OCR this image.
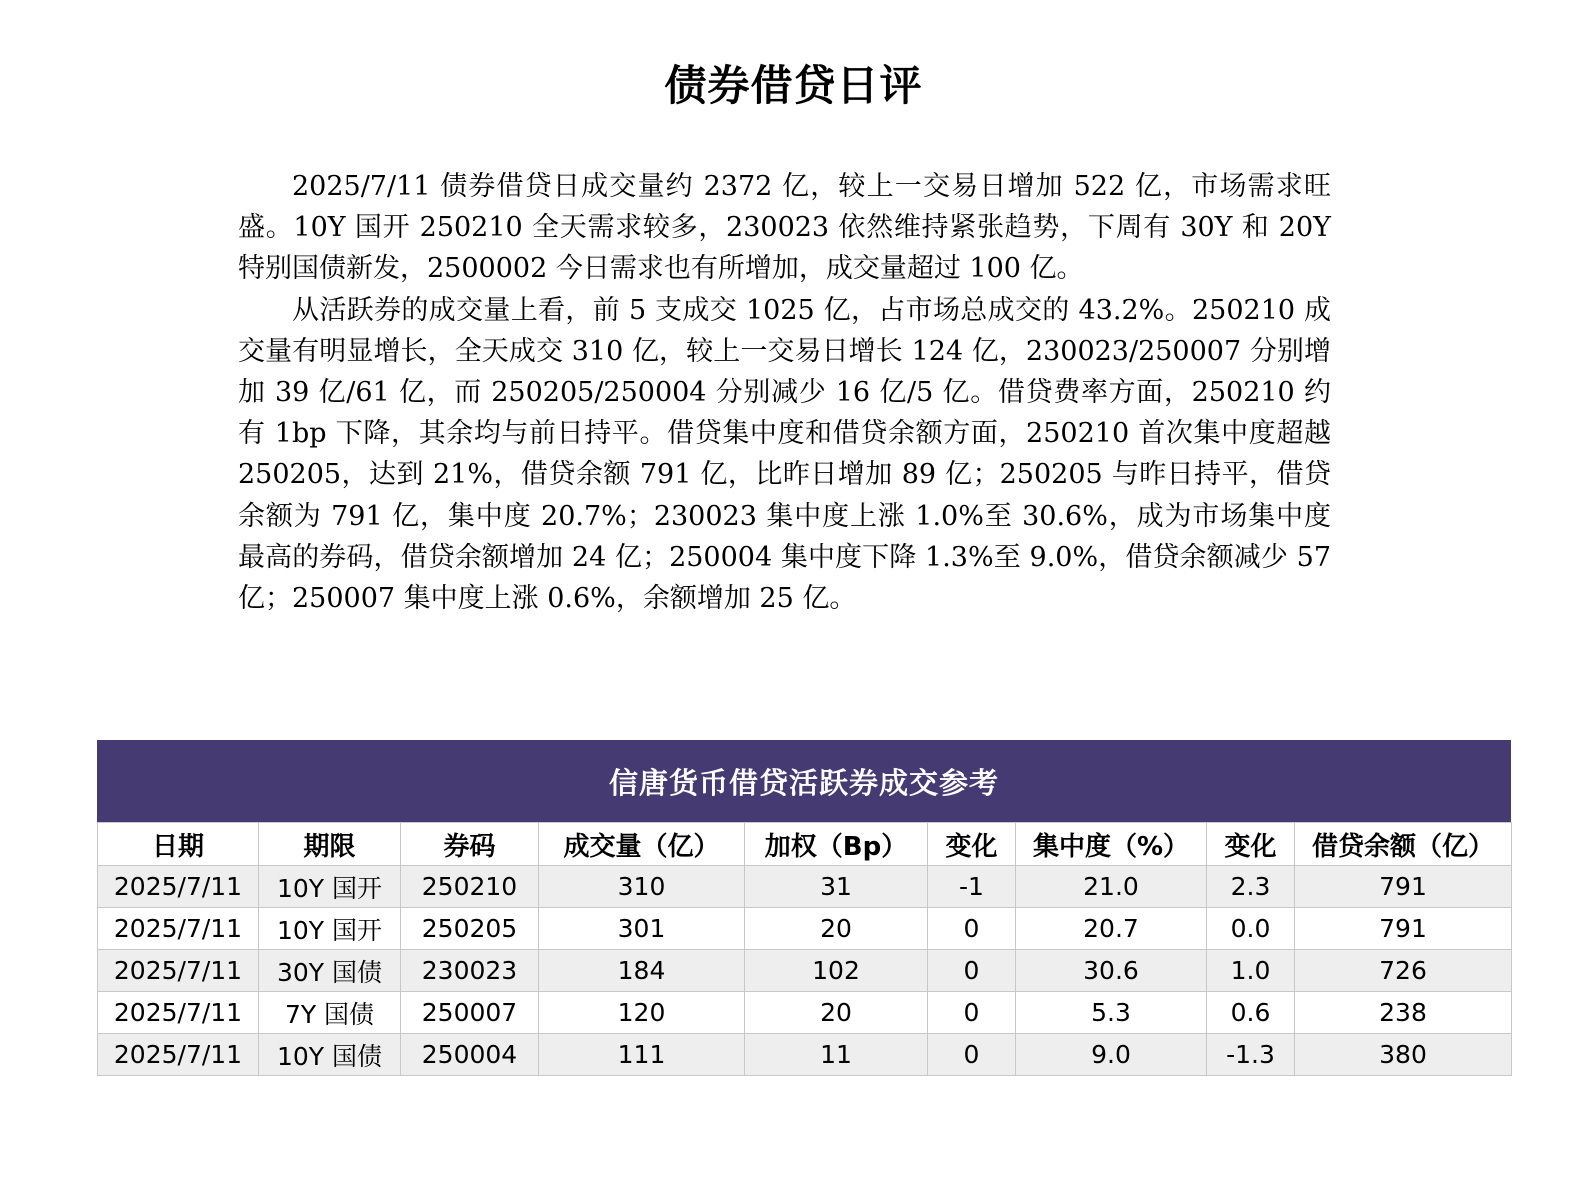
债券借贷日评

2025/7/11 债券借贷日成交量约 2372 亿，较上一交易日增加 522 亿，市场需求旺盛。10Y 国开 250210 全天需求较多，230023 依然维持紧张趋势，下周有 30Y 和 20Y 特别国债新发，2500002 今日需求也有所增加，成交量超过 100 亿。

从活跃券的成交量上看，前 5 支成交 1025 亿，占市场总成交的 43.2%。250210 成交量有明显增长，全天成交 310 亿，较上一交易日增长 124 亿，230023/250007 分别增加 39 亿/61 亿，而 250205/250004 分别减少 16 亿/5 亿。借贷费率方面，250210 约有 1bp 下降，其余均与前日持平。借贷集中度和借贷余额方面，250210 首次集中度超越 250205，达到 21%，借贷余额 791 亿，比昨日增加 89 亿；250205 与昨日持平，借贷余额为 791 亿，集中度 20.7%；230023 集中度上涨 1.0%至 30.6%，成为市场集中度最高的券码，借贷余额增加 24 亿；250004 集中度下降 1.3%至 9.0%，借贷余额减少 57 亿；250007 集中度上涨 0.6%，余额增加 25 亿。

信唐货币借贷活跃券成交参考
日期	期限	券码	成交量（亿）	加权（Bp）	变化	集中度（%）	变化	借贷余额（亿）
2025/7/11	10Y 国开	250210	310	31	-1	21.0	2.3	791
2025/7/11	10Y 国开	250205	301	20	0	20.7	0.0	791
2025/7/11	30Y 国债	230023	184	102	0	30.6	1.0	726
2025/7/11	7Y 国债	250007	120	20	0	5.3	0.6	238
2025/7/11	10Y 国债	250004	111	11	0	9.0	-1.3	380
